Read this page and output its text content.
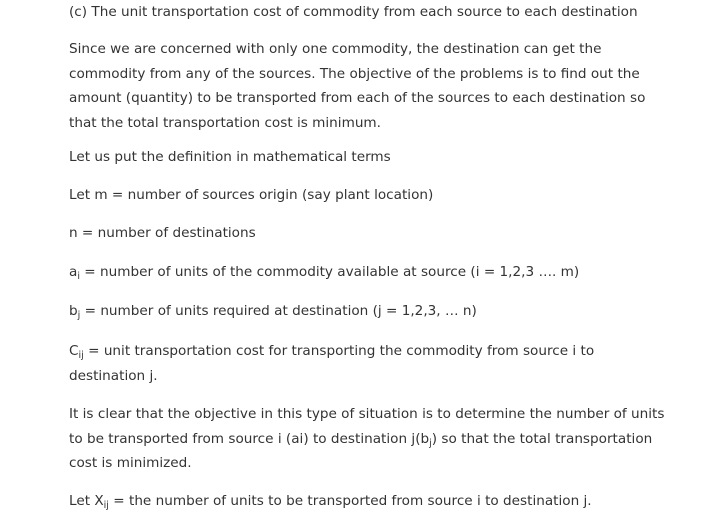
(c) The unit transportation cost of commodity from each source to each destination
Since we are concerned with only one commodity, the destination can get the
commodity from any of the sources. The objective of the problems is to find out the
amount (quantity) to be transported from each of the sources to each destination so
that the total transportation cost is minimum.
Let us put the definition in mathematical terms
Let m = number of sources origin (say plant location)
n = number of destinations
$a_i$ = number of units of the commodity available at source (i = 1,2,3 …. m)
$b_j$ = number of units required at destination (j = 1,2,3, … n)
$C_{ij}$ = unit transportation cost for transporting the commodity from source i to
destination j.
It is clear that the objective in this type of situation is to determine the number of units
to be transported from source i (ai) to destination $j(b_j)$ so that the total transportation
cost is minimized.
Let $X_{ij}$ = the number of units to be transported from source i to destination j.
